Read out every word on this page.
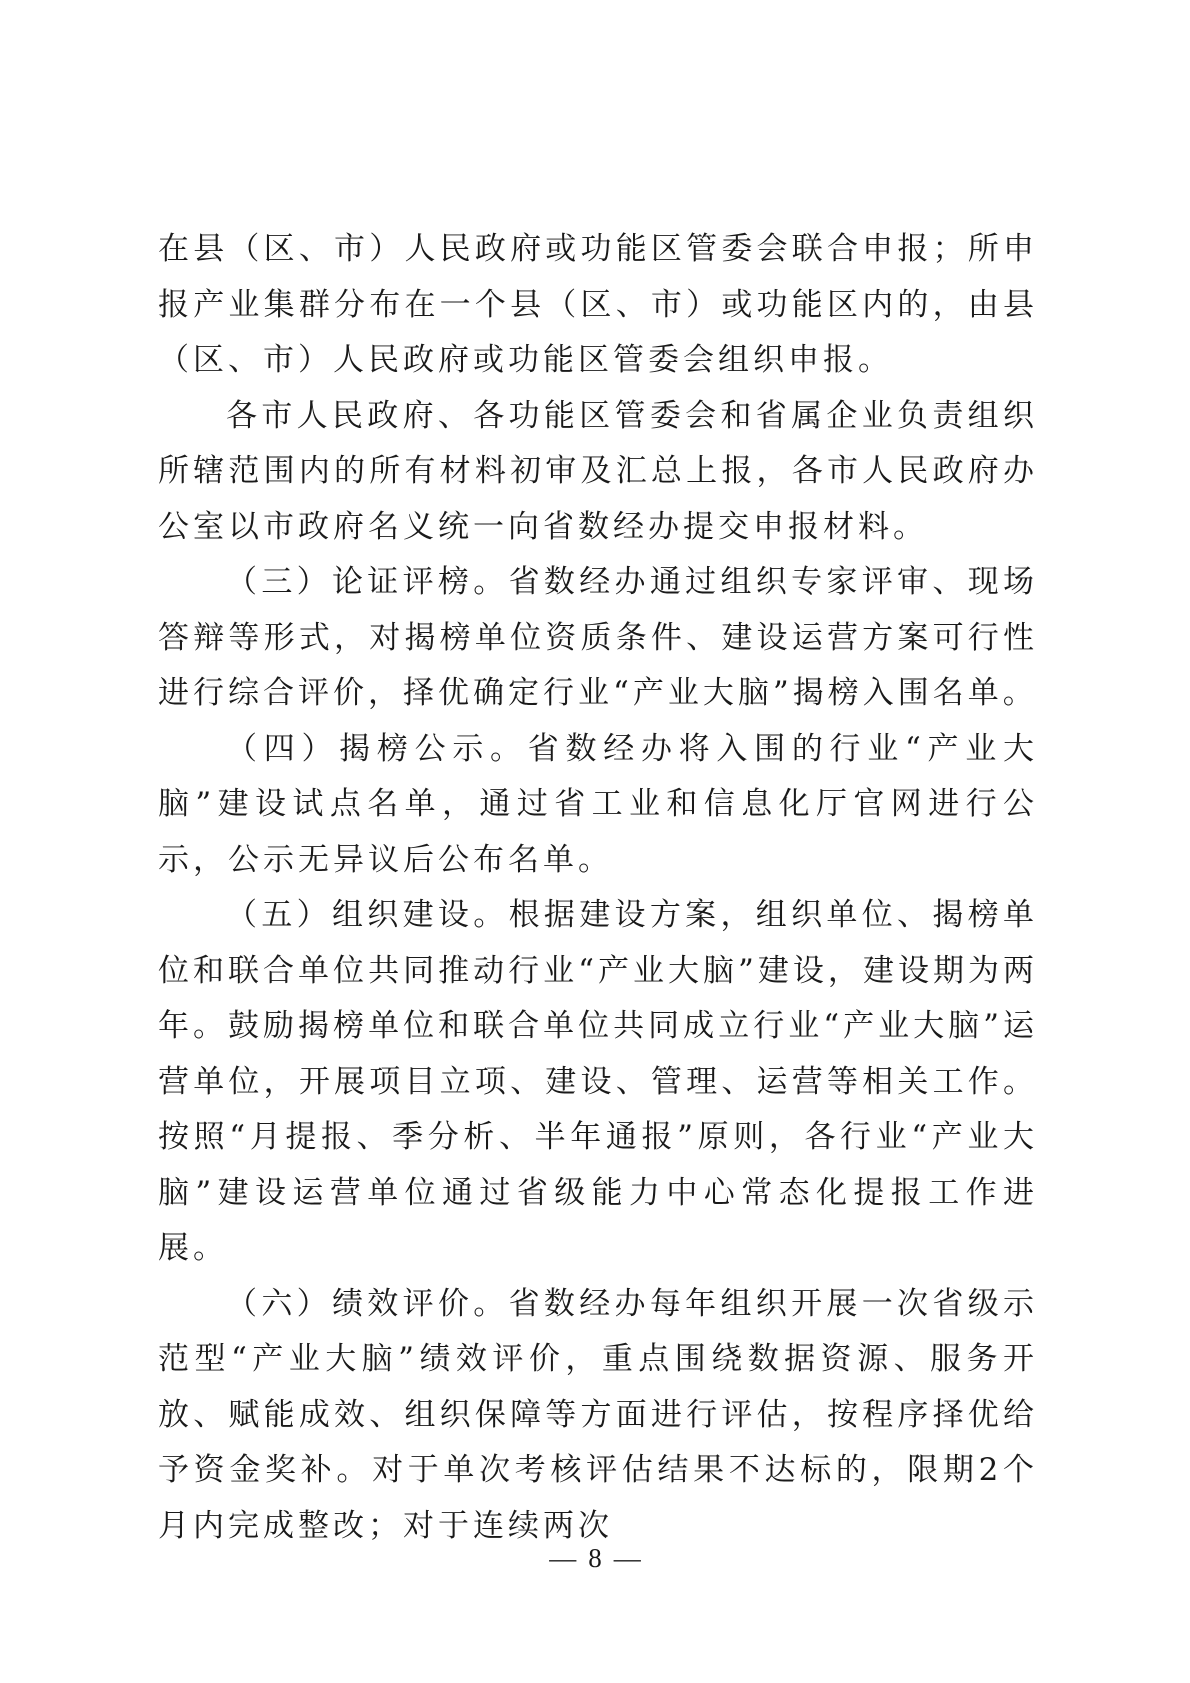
在县（区、市）人民政府或功能区管委会联合申报；所申报产业集群分布在一个县（区、市）或功能区内的，由县（区、市）人民政府或功能区管委会组织申报。

各市人民政府、各功能区管委会和省属企业负责组织所辖范围内的所有材料初审及汇总上报，各市人民政府办公室以市政府名义统一向省数经办提交申报材料。

（三）论证评榜。省数经办通过组织专家评审、现场答辩等形式，对揭榜单位资质条件、建设运营方案可行性进行综合评价，择优确定行业“产业大脑”揭榜入围名单。

（四）揭榜公示。省数经办将入围的行业“产业大脑”建设试点名单，通过省工业和信息化厅官网进行公示，公示无异议后公布名单。

（五）组织建设。根据建设方案，组织单位、揭榜单位和联合单位共同推动行业“产业大脑”建设，建设期为两年。鼓励揭榜单位和联合单位共同成立行业“产业大脑”运营单位，开展项目立项、建设、管理、运营等相关工作。按照“月提报、季分析、半年通报”原则，各行业“产业大脑”建设运营单位通过省级能力中心常态化提报工作进展。

（六）绩效评价。省数经办每年组织开展一次省级示范型“产业大脑”绩效评价，重点围绕数据资源、服务开放、赋能成效、组织保障等方面进行评估，按程序择优给予资金奖补。对于单次考核评估结果不达标的，限期2个月内完成整改；对于连续两次

— 8 —
